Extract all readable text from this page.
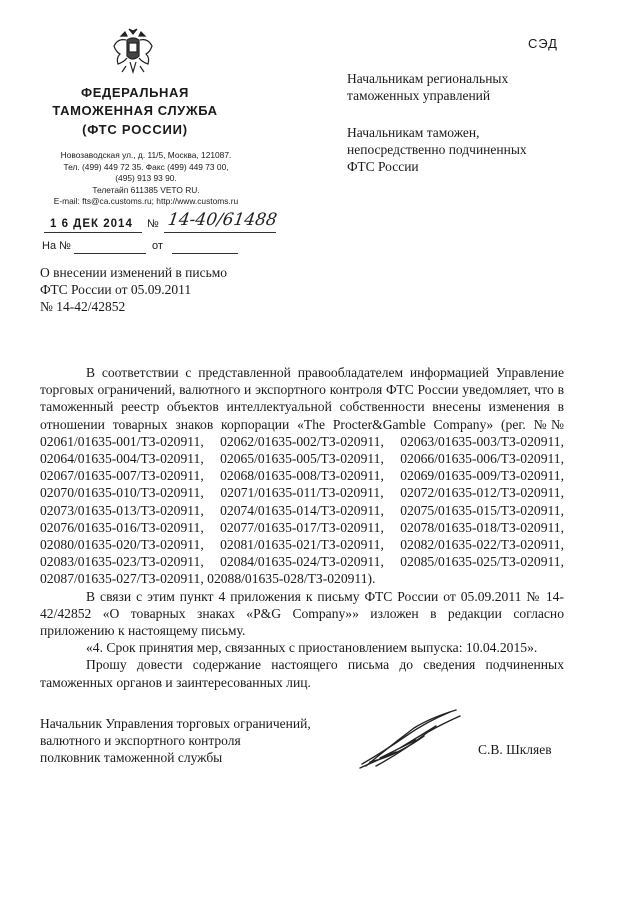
ФЕДЕРАЛЬНАЯ
ТАМОЖЕННАЯ СЛУЖБА
(ФТС РОССИИ)
Новозаводская ул., д. 11/5, Москва, 121087.
Тел. (499) 449 72 35. Факс (499) 449 73 00,
(495) 913 93 90.
Телетайп 611385 VETO RU.
E-mail: fts@ca.customs.ru; http://www.customs.ru
СЭД
Начальникам региональных
таможенных управлений
Начальникам таможен,
непосредственно подчиненных
ФТС России
1 6 ДЕК 2014 № 14-40/61488
На №	от
О внесении изменений в письмо
ФТС России от 05.09.2011
№ 14-42/42852

В соответствии с представленной правообладателем информацией Управление торговых ограничений, валютного и экспортного контроля ФТС России уведомляет, что в таможенный реестр объектов интеллектуальной собственности внесены изменения в отношении товарных знаков корпорации «The Procter&Gamble Company» (рег. №№ 02061/01635-001/ТЗ-020911, 02062/01635-002/ТЗ-020911, 02063/01635-003/ТЗ-020911, 02064/01635-004/ТЗ-020911, 02065/01635-005/ТЗ-020911, 02066/01635-006/ТЗ-020911, 02067/01635-007/ТЗ-020911, 02068/01635-008/ТЗ-020911, 02069/01635-009/ТЗ-020911, 02070/01635-010/ТЗ-020911, 02071/01635-011/ТЗ-020911, 02072/01635-012/ТЗ-020911, 02073/01635-013/ТЗ-020911, 02074/01635-014/ТЗ-020911, 02075/01635-015/ТЗ-020911, 02076/01635-016/ТЗ-020911, 02077/01635-017/ТЗ-020911, 02078/01635-018/ТЗ-020911, 02080/01635-020/ТЗ-020911, 02081/01635-021/ТЗ-020911, 02082/01635-022/ТЗ-020911, 02083/01635-023/ТЗ-020911, 02084/01635-024/ТЗ-020911, 02085/01635-025/ТЗ-020911, 02087/01635-027/ТЗ-020911, 02088/01635-028/ТЗ-020911).

В связи с этим пункт 4 приложения к письму ФТС России от 05.09.2011 № 14-42/42852 «О товарных знаках «P&G Company»» изложен в редакции согласно приложению к настоящему письму.

«4. Срок принятия мер, связанных с приостановлением выпуска: 10.04.2015».

Прошу довести содержание настоящего письма до сведения подчиненных таможенных органов и заинтересованных лиц.

Начальник Управления торговых ограничений,
валютного и экспортного контроля
полковник таможенной службы
С.В. Шкляев
